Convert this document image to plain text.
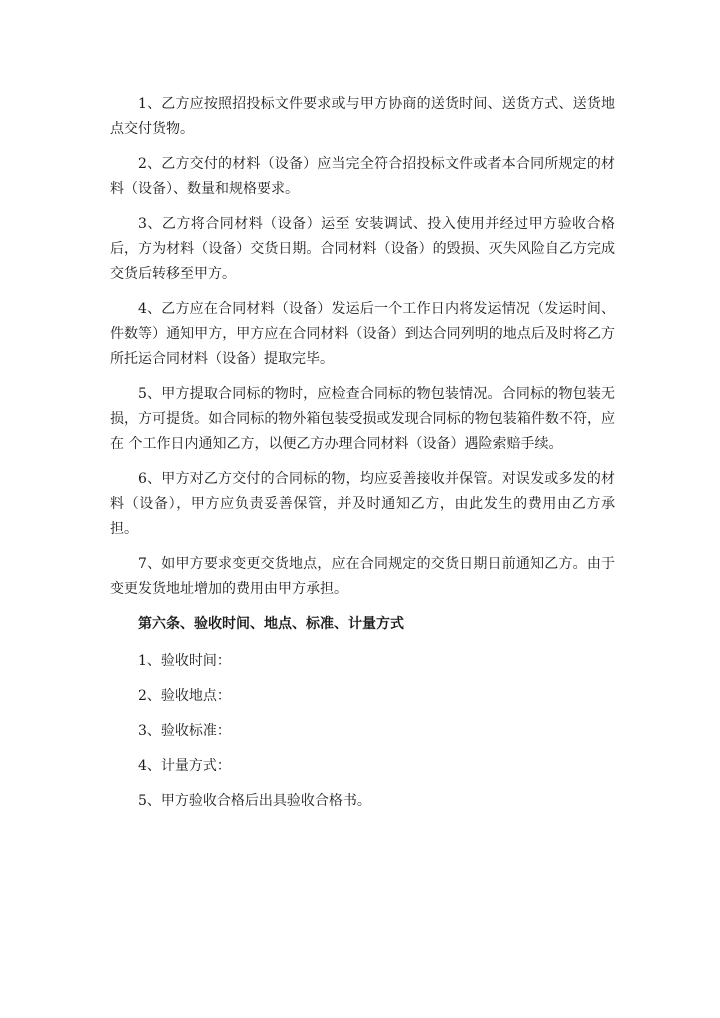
1、乙方应按照招投标文件要求或与甲方协商的送货时间、送货方式、送货地点交付货物。

2、乙方交付的材料（设备）应当完全符合招投标文件或者本合同所规定的材料（设备）、数量和规格要求。

3、乙方将合同材料（设备）运至 安装调试、投入使用并经过甲方验收合格后，方为材料（设备）交货日期。合同材料（设备）的毁损、灭失风险自乙方完成交货后转移至甲方。

4、乙方应在合同材料（设备）发运后一个工作日内将发运情况（发运时间、件数等）通知甲方，甲方应在合同材料（设备）到达合同列明的地点后及时将乙方所托运合同材料（设备）提取完毕。

5、甲方提取合同标的物时，应检查合同标的物包装情况。合同标的物包装无损，方可提货。如合同标的物外箱包装受损或发现合同标的物包装箱件数不符，应在 个工作日内通知乙方，以便乙方办理合同材料（设备）遇险索赔手续。

6、甲方对乙方交付的合同标的物，均应妥善接收并保管。对误发或多发的材料（设备），甲方应负责妥善保管，并及时通知乙方，由此发生的费用由乙方承担。

7、如甲方要求变更交货地点，应在合同规定的交货日期日前通知乙方。由于变更发货地址增加的费用由甲方承担。

第六条、验收时间、地点、标准、计量方式

1、验收时间：

2、验收地点：

3、验收标准：

4、计量方式：

5、甲方验收合格后出具验收合格书。
